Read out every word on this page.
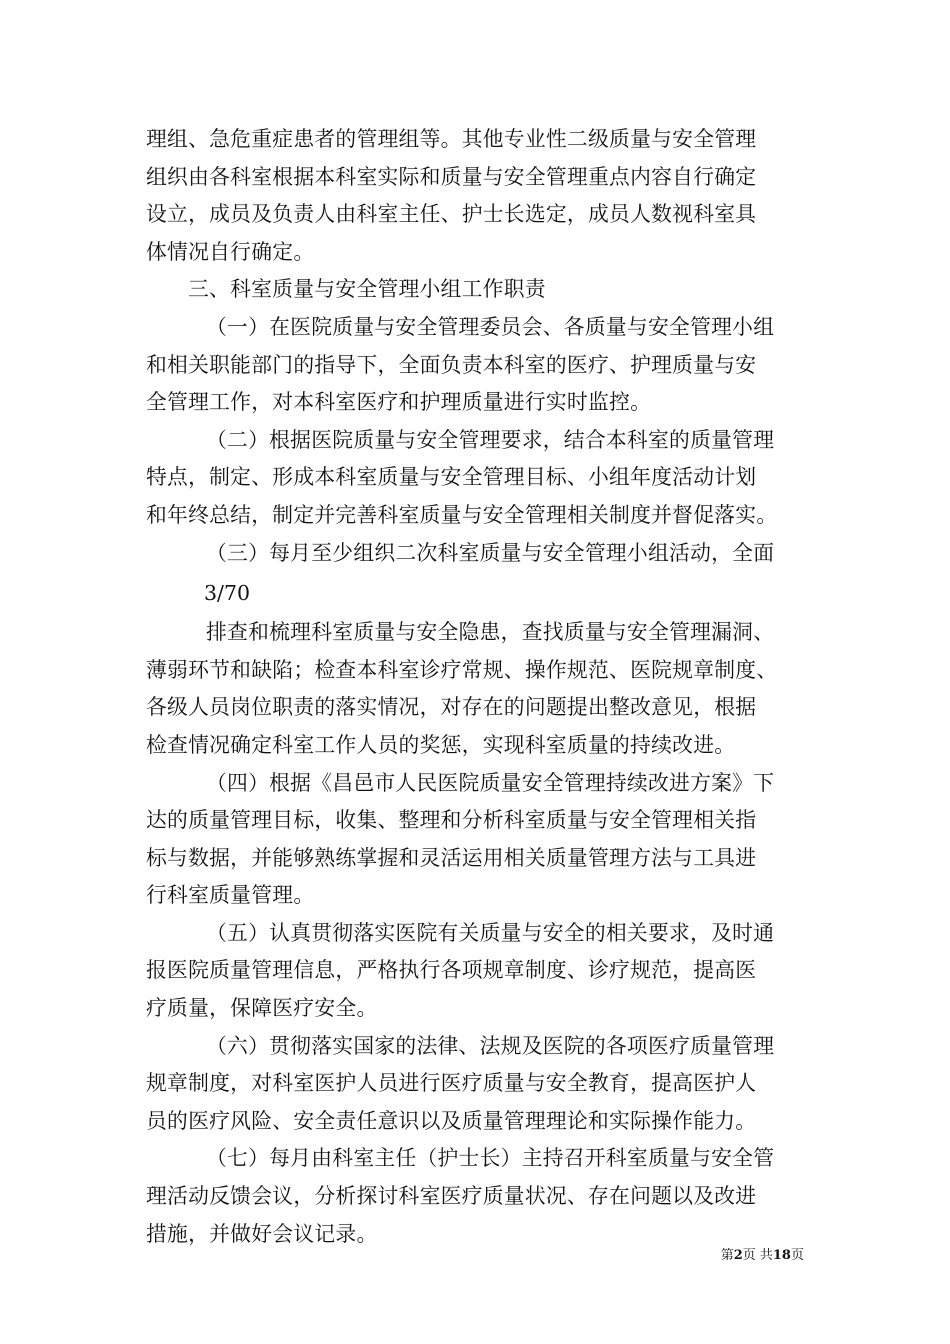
理组、急危重症患者的管理组等。其他专业性二级质量与安全管理
组织由各科室根据本科室实际和质量与安全管理重点内容自行确定
设立，成员及负责人由科室主任、护士长选定，成员人数视科室具
体情况自行确定。
三、科室质量与安全管理小组工作职责
（一）在医院质量与安全管理委员会、各质量与安全管理小组
和相关职能部门的指导下，全面负责本科室的医疗、护理质量与安
全管理工作，对本科室医疗和护理质量进行实时监控。
（二）根据医院质量与安全管理要求，结合本科室的质量管理
特点，制定、形成本科室质量与安全管理目标、小组年度活动计划
和年终总结，制定并完善科室质量与安全管理相关制度并督促落实。
（三）每月至少组织二次科室质量与安全管理小组活动，全面
3/70
排查和梳理科室质量与安全隐患，查找质量与安全管理漏洞、
薄弱环节和缺陷；检查本科室诊疗常规、操作规范、医院规章制度、
各级人员岗位职责的落实情况，对存在的问题提出整改意见，根据
检查情况确定科室工作人员的奖惩，实现科室质量的持续改进。
（四）根据《昌邑市人民医院质量安全管理持续改进方案》下
达的质量管理目标，收集、整理和分析科室质量与安全管理相关指
标与数据，并能够熟练掌握和灵活运用相关质量管理方法与工具进
行科室质量管理。
（五）认真贯彻落实医院有关质量与安全的相关要求，及时通
报医院质量管理信息，严格执行各项规章制度、诊疗规范，提高医
疗质量，保障医疗安全。
（六）贯彻落实国家的法律、法规及医院的各项医疗质量管理
规章制度，对科室医护人员进行医疗质量与安全教育，提高医护人
员的医疗风险、安全责任意识以及质量管理理论和实际操作能力。
（七）每月由科室主任（护士长）主持召开科室质量与安全管
理活动反馈会议，分析探讨科室医疗质量状况、存在问题以及改进
措施，并做好会议记录。
第2页 共18页
